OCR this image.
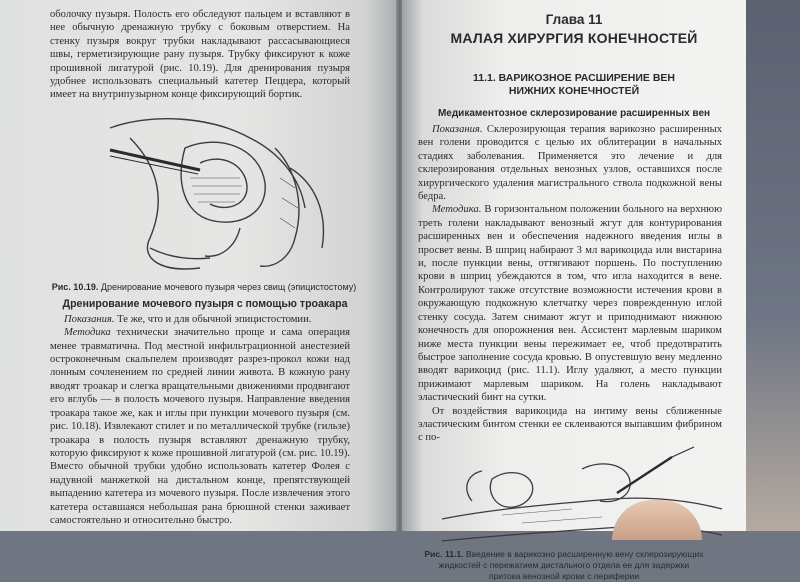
оболочку пузыря. Полость его обследуют пальцем и вставляют в нее обычную дренажную трубку с боковым отверстием. На стенку пузыря вокруг трубки накладывают рассасывающиеся швы, герметизирующие рану пузыря. Трубку фиксируют к коже прошивной лигатурой (рис. 10.19). Для дренирования пузыря удобнее использовать специальный катетер Пеццера, который имеет на внутрипузырном конце фиксирующий бортик.

Рис. 10.19. Дренирование мочевого пузыря через свищ (эпицистостому)

Дренирование мочевого пузыря с помощью троакара

Показания. Те же, что и для обычной эпицистостомии.

Методика технически значительно проще и сама операция менее травматична. Под местной инфильтрационной анестезией остроконечным скальпелем производят разрез-прокол кожи над лонным сочленением по средней линии живота. В кожную рану вводят троакар и слегка вращательными движениями продвигают его вглубь — в полость мочевого пузыря. Направление введения троакара такое же, как и иглы при пункции мочевого пузыря (см. рис. 10.18). Извлекают стилет и по металлической трубке (гильзе) троакара в полость пузыря вставляют дренажную трубку, которую фиксируют к коже прошивной лигатурой (см. рис. 10.19). Вместо обычной трубки удобно использовать катетер Фолея с надувной манжеткой на дистальном конце, препятствующей выпадению катетера из мочевого пузыря. После извлечения этого катетера оставшаяся небольшая рана брюшной стенки заживает самостоятельно и относительно быстро.

Глава 11
МАЛАЯ ХИРУРГИЯ КОНЕЧНОСТЕЙ
11.1. ВАРИКОЗНОЕ РАСШИРЕНИЕ ВЕН
НИЖНИХ КОНЕЧНОСТЕЙ
Медикаментозное склерозирование расширенных вен

Показания. Склерозирующая терапия варикозно расширенных вен голени проводится с целью их облитерации в начальных стадиях заболевания. Применяется это лечение и для склерозирования отдельных венозных узлов, оставшихся после хирургического удаления магистрального ствола подкожной вены бедра.

Методика. В горизонтальном положении больного на верхнюю треть голени накладывают венозный жгут для контурирования расширенных вен и обеспечения надежного введения иглы в просвет вены. В шприц набирают 3 мл варикоцида или вистарина и, после пункции вены, оттягивают поршень. По поступлению крови в шприц убеждаются в том, что игла находится в вене. Контролируют также отсутствие возможности истечения крови в окружающую подкожную клетчатку через поврежденную иглой стенку сосуда. Затем снимают жгут и приподнимают нижнюю конечность для опорожнения вен. Ассистент марлевым шариком ниже места пункции вены пережимает ее, чтоб предотвратить быстрое заполнение сосуда кровью. В опустевшую вену медленно вводят варикоцид (рис. 11.1). Иглу удаляют, а место пункции прижимают марлевым шариком. На голень накладывают эластический бинт на сутки.

От воздействия варикоцида на интиму вены сближенные эластическим бинтом стенки ее склеиваются выпавшим фибрином с по-

Рис. 11.1. Введение в варикозно расширенную вену склерозирующих жидкостей с пережатием дистального отдела ее для задержки притока венозной крови с периферии
